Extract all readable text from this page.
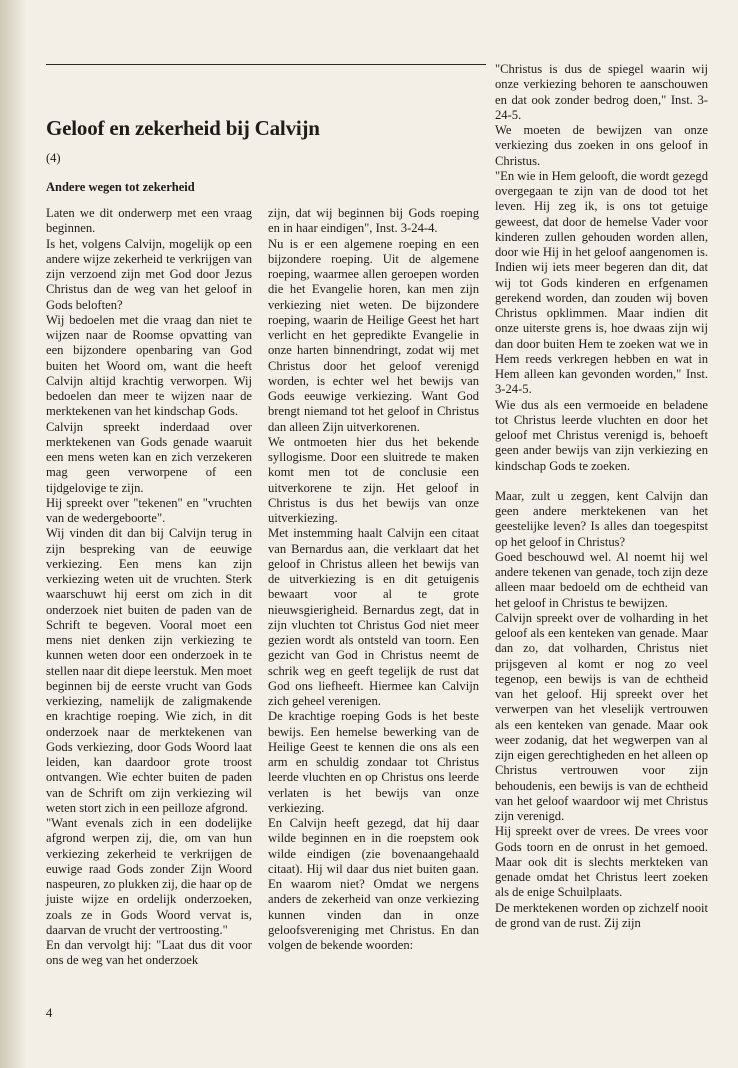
Geloof en zekerheid bij Calvijn

(4)

Andere wegen tot zekerheid

Laten we dit onderwerp met een vraag beginnen.

Is het, volgens Calvijn, mogelijk op een andere wijze zekerheid te verkrijgen van zijn verzoend zijn met God door Jezus Christus dan de weg van het geloof in Gods beloften?

Wij bedoelen met die vraag dan niet te wijzen naar de Roomse opvatting van een bijzondere openbaring van God buiten het Woord om, want die heeft Calvijn altijd krachtig verworpen. Wij bedoelen dan meer te wijzen naar de merktekenen van het kindschap Gods.

Calvijn spreekt inderdaad over merktekenen van Gods genade waaruit een mens weten kan en zich verzekeren mag geen verworpene of een tijdgelovige te zijn.

Hij spreekt over "tekenen" en "vruchten van de wedergeboorte".

Wij vinden dit dan bij Calvijn terug in zijn bespreking van de eeuwige verkiezing. Een mens kan zijn verkiezing weten uit de vruchten. Sterk waarschuwt hij eerst om zich in dit onderzoek niet buiten de paden van de Schrift te begeven. Vooral moet een mens niet denken zijn verkiezing te kunnen weten door een onderzoek in te stellen naar dit diepe leerstuk. Men moet beginnen bij de eerste vrucht van Gods verkiezing, namelijk de zaligmakende en krachtige roeping. Wie zich, in dit onderzoek naar de merktekenen van Gods verkiezing, door Gods Woord laat leiden, kan daardoor grote troost ontvangen. Wie echter buiten de paden van de Schrift om zijn verkiezing wil weten stort zich in een peilloze afgrond.

"Want evenals zich in een dodelijke afgrond werpen zij, die, om van hun verkiezing zekerheid te verkrijgen de euwige raad Gods zonder Zijn Woord naspeuren, zo plukken zij, die haar op de juiste wijze en ordelijk onderzoeken, zoals ze in Gods Woord vervat is, daarvan de vrucht der vertroosting."

En dan vervolgt hij: "Laat dus dit voor ons de weg van het onderzoek

zijn, dat wij beginnen bij Gods roeping en in haar eindigen", Inst. 3-24-4.

Nu is er een algemene roeping en een bijzondere roeping. Uit de algemene roeping, waarmee allen geroepen worden die het Evangelie horen, kan men zijn verkiezing niet weten. De bijzondere roeping, waarin de Heilige Geest het hart verlicht en het gepredikte Evangelie in onze harten binnendringt, zodat wij met Christus door het geloof verenigd worden, is echter wel het bewijs van Gods eeuwige verkiezing. Want God brengt niemand tot het geloof in Christus dan alleen Zijn uitverkorenen.

We ontmoeten hier dus het bekende syllogisme. Door een sluitrede te maken komt men tot de conclusie een uitverkorene te zijn. Het geloof in Christus is dus het bewijs van onze uitverkiezing.

Met instemming haalt Calvijn een citaat van Bernardus aan, die verklaart dat het geloof in Christus alleen het bewijs van de uitverkiezing is en dit getuigenis bewaart voor al te grote nieuwsgierigheid. Bernardus zegt, dat in zijn vluchten tot Christus God niet meer gezien wordt als ontsteld van toorn. Een gezicht van God in Christus neemt de schrik weg en geeft tegelijk de rust dat God ons liefheeft. Hiermee kan Calvijn zich geheel verenigen.

De krachtige roeping Gods is het beste bewijs. Een hemelse bewerking van de Heilige Geest te kennen die ons als een arm en schuldig zondaar tot Christus leerde vluchten en op Christus ons leerde verlaten is het bewijs van onze verkiezing.

En Calvijn heeft gezegd, dat hij daar wilde beginnen en in die roepstem ook wilde eindigen (zie bovenaangehaald citaat). Hij wil daar dus niet buiten gaan. En waarom niet? Omdat we nergens anders de zekerheid van onze verkiezing kunnen vinden dan in onze geloofsvereniging met Christus. En dan volgen de bekende woorden:

"Christus is dus de spiegel waarin wij onze verkiezing behoren te aanschouwen en dat ook zonder bedrog doen," Inst. 3-24-5.

We moeten de bewijzen van onze verkiezing dus zoeken in ons geloof in Christus.

"En wie in Hem gelooft, die wordt gezegd overgegaan te zijn van de dood tot het leven. Hij zeg ik, is ons tot getuige geweest, dat door de hemelse Vader voor kinderen zullen gehouden worden allen, door wie Hij in het geloof aangenomen is. Indien wij iets meer begeren dan dit, dat wij tot Gods kinderen en erfgenamen gerekend worden, dan zouden wij boven Christus opklimmen. Maar indien dit onze uiterste grens is, hoe dwaas zijn wij dan door buiten Hem te zoeken wat we in Hem reeds verkregen hebben en wat in Hem alleen kan gevonden worden," Inst. 3-24-5.

Wie dus als een vermoeide en beladene tot Christus leerde vluchten en door het geloof met Christus verenigd is, behoeft geen ander bewijs van zijn verkiezing en kindschap Gods te zoeken.

Maar, zult u zeggen, kent Calvijn dan geen andere merktekenen van het geestelijke leven? Is alles dan toegespitst op het geloof in Christus?

Goed beschouwd wel. Al noemt hij wel andere tekenen van genade, toch zijn deze alleen maar bedoeld om de echtheid van het geloof in Christus te bewijzen.

Calvijn spreekt over de volharding in het geloof als een kenteken van genade. Maar dan zo, dat volharden, Christus niet prijsgeven al komt er nog zo veel tegenop, een bewijs is van de echtheid van het geloof. Hij spreekt over het verwerpen van het vleselijk vertrouwen als een kenteken van genade. Maar ook weer zodanig, dat het wegwerpen van al zijn eigen gerechtigheden en het alleen op Christus vertrouwen voor zijn behoudenis, een bewijs is van de echtheid van het geloof waardoor wij met Christus zijn verenigd.

Hij spreekt over de vrees. De vrees voor Gods toorn en de onrust in het gemoed. Maar ook dit is slechts merkteken van genade omdat het Christus leert zoeken als de enige Schuilplaats.

De merktekenen worden op zichzelf nooit de grond van de rust. Zij zijn

4
